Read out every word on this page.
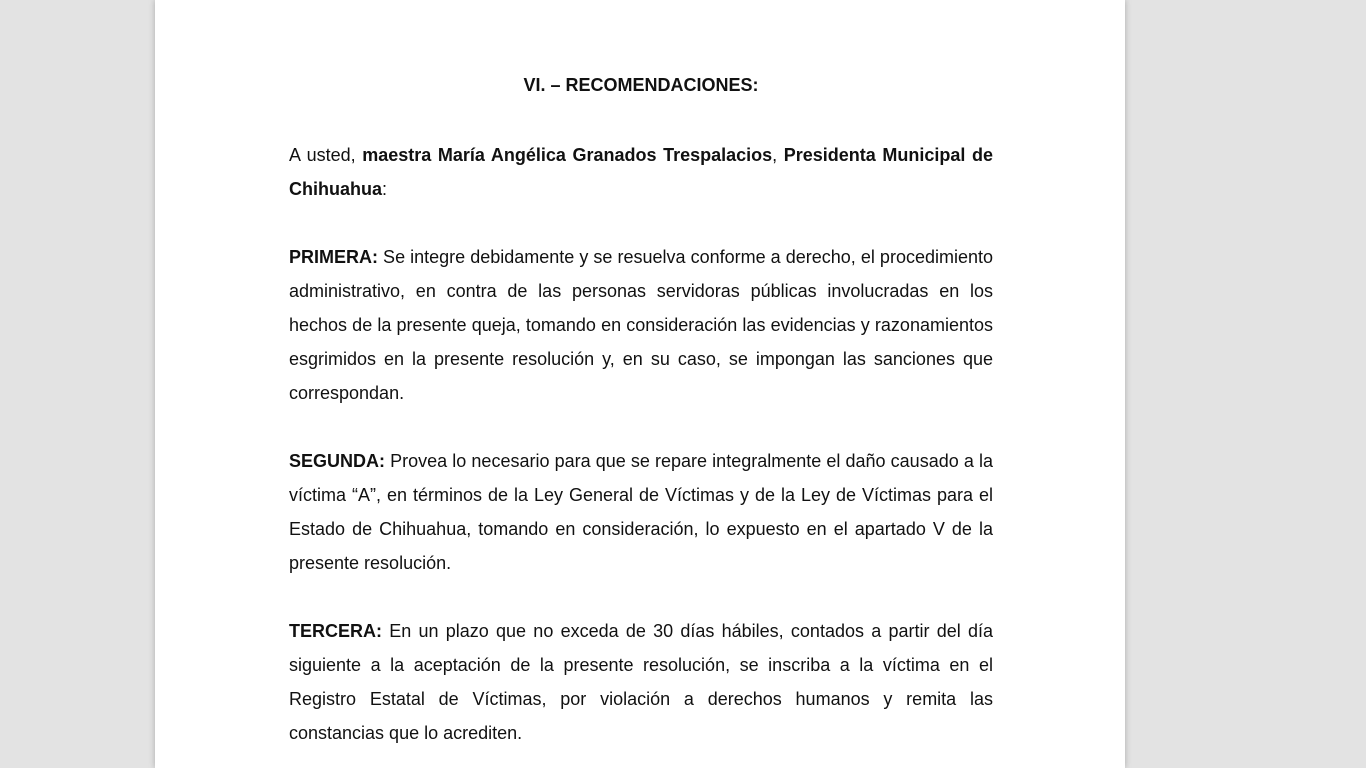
VI. – RECOMENDACIONES:

A usted, maestra María Angélica Granados Trespalacios, Presidenta Municipal de Chihuahua:

PRIMERA: Se integre debidamente y se resuelva conforme a derecho, el procedimiento administrativo, en contra de las personas servidoras públicas involucradas en los hechos de la presente queja, tomando en consideración las evidencias y razonamientos esgrimidos en la presente resolución y, en su caso, se impongan las sanciones que correspondan.

SEGUNDA: Provea lo necesario para que se repare integralmente el daño causado a la víctima “A”, en términos de la Ley General de Víctimas y de la Ley de Víctimas para el Estado de Chihuahua, tomando en consideración, lo expuesto en el apartado V de la presente resolución.

TERCERA: En un plazo que no exceda de 30 días hábiles, contados a partir del día siguiente a la aceptación de la presente resolución, se inscriba a la víctima en el Registro Estatal de Víctimas, por violación a derechos humanos y remita las constancias que lo acrediten.
